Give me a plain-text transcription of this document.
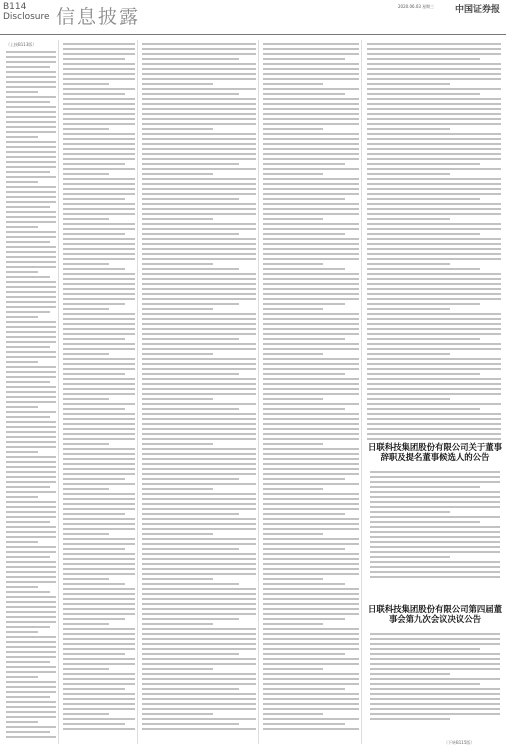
B114
Disclosure 信息披露	2020.06.03 星期三 中国证券报
（上接B113版）
日联科技集团股份有限公司关于董事辞职及提名董事候选人的公告
日联科技集团股份有限公司第四届董事会第九次会议决议公告
（下转B115版）
